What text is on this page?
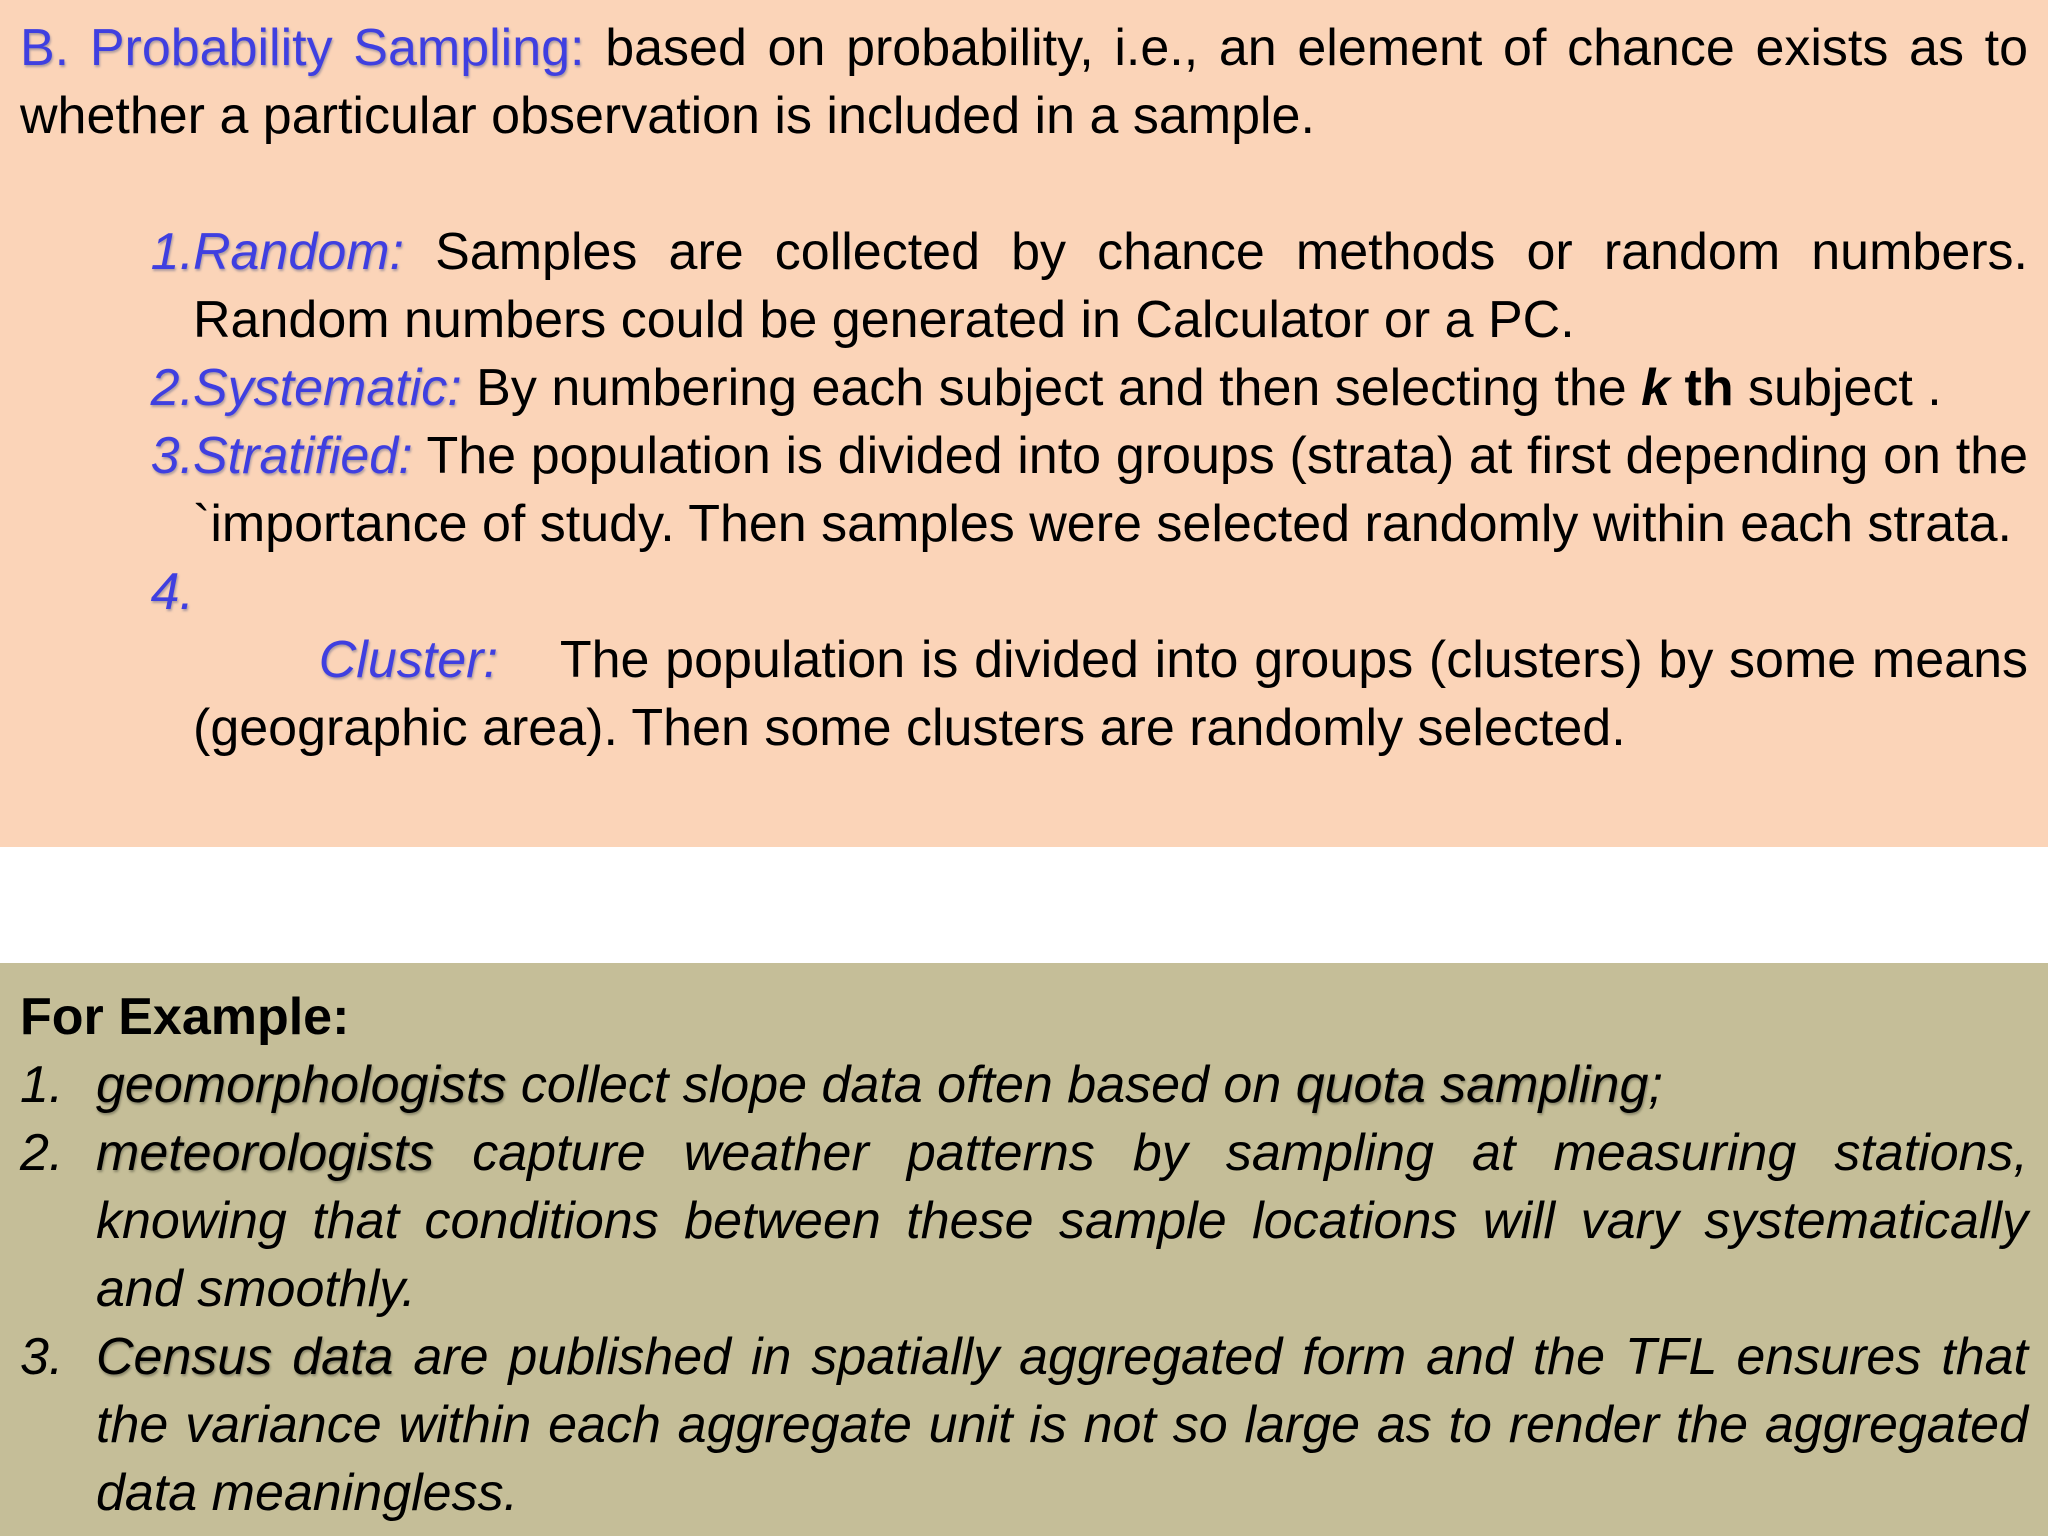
B. Probability Sampling: based on probability, i.e., an element of chance exists as to whether a particular observation is included in a sample.

1. Random: Samples are collected by chance methods or random numbers. Random numbers could be generated in Calculator or a PC.
2. Systematic: By numbering each subject and then selecting the k th subject .
3. Stratified: The population is divided into groups (strata) at first depending on the `importance of study. Then samples were selected randomly within each strata.
4.

Cluster:    The population is divided into groups (clusters) by some means (geographic area). Then some clusters are randomly selected.

For Example:

1. geomorphologists collect slope data often based on quota sampling;
2. meteorologists capture weather patterns by sampling at measuring stations, knowing that conditions between these sample locations will vary systematically and smoothly.
3. Census data are published in spatially aggregated form and the TFL ensures that the variance within each aggregate unit is not so large as to render the aggregated data meaningless.
